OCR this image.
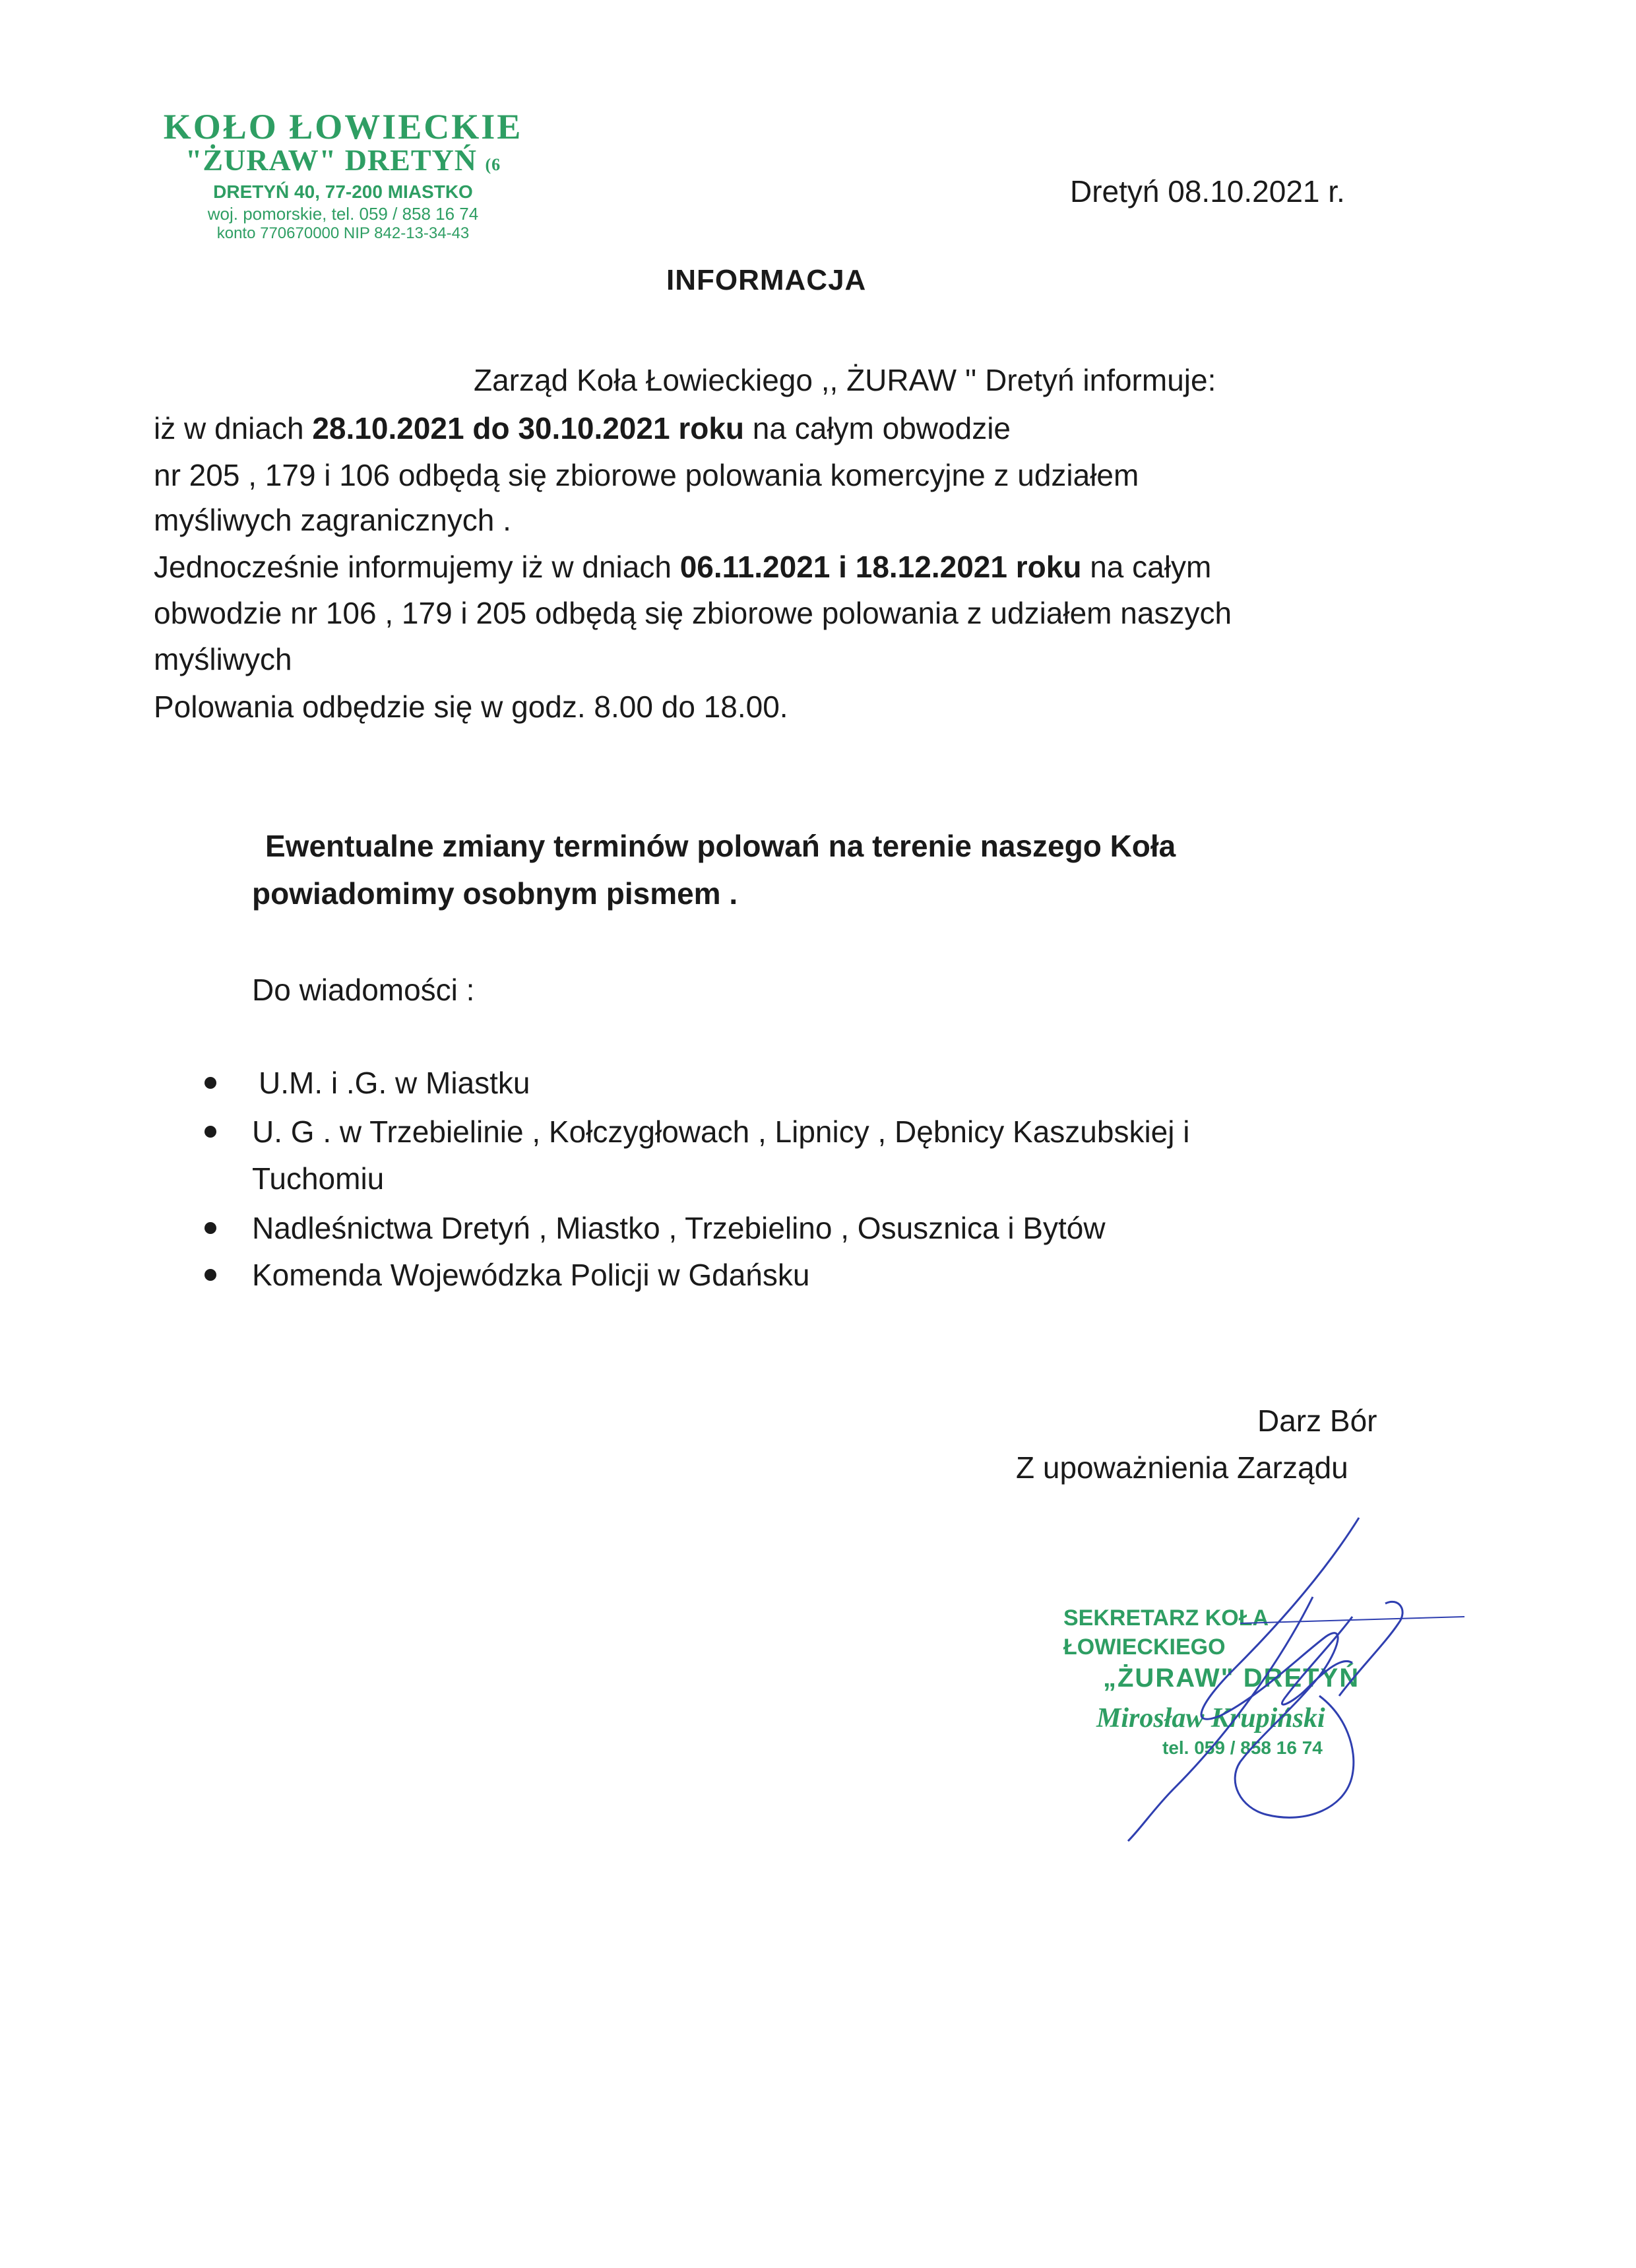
KOŁO ŁOWIECKIE
"ŻURAW" DRETYŃ (6
DRETYŃ 40, 77-200 MIASTKO
woj. pomorskie, tel. 059 / 858 16 74
konto 770670000 NIP 842-13-34-43
Dretyń 08.10.2021 r.
INFORMACJA
Zarząd Koła Łowieckiego ,, ŻURAW '' Dretyń informuje:
iż w dniach 28.10.2021 do 30.10.2021 roku na całym obwodzie
nr 205 , 179 i 106 odbędą się zbiorowe polowania komercyjne z udziałem
myśliwych zagranicznych .
Jednocześnie informujemy iż w dniach 06.11.2021 i 18.12.2021 roku na całym
obwodzie nr 106 , 179 i 205 odbędą się zbiorowe polowania z udziałem naszych
myśliwych
Polowania odbędzie się w godz. 8.00 do 18.00.
Ewentualne zmiany terminów polowań na terenie naszego Koła
powiadomimy osobnym pismem .
Do wiadomości :
U.M. i .G. w Miastku
U. G . w Trzebielinie , Kołczygłowach , Lipnicy , Dębnicy Kaszubskiej i
Tuchomiu
Nadleśnictwa Dretyń , Miastko , Trzebielino , Osusznica i Bytów
Komenda Wojewódzka Policji w Gdańsku
Darz Bór
Z upoważnienia Zarządu
SEKRETARZ KOŁA ŁOWIECKIEGO
„ŻURAW" DRETYŃ
Mirosław Krupiński
tel. 059 / 858 16 74
